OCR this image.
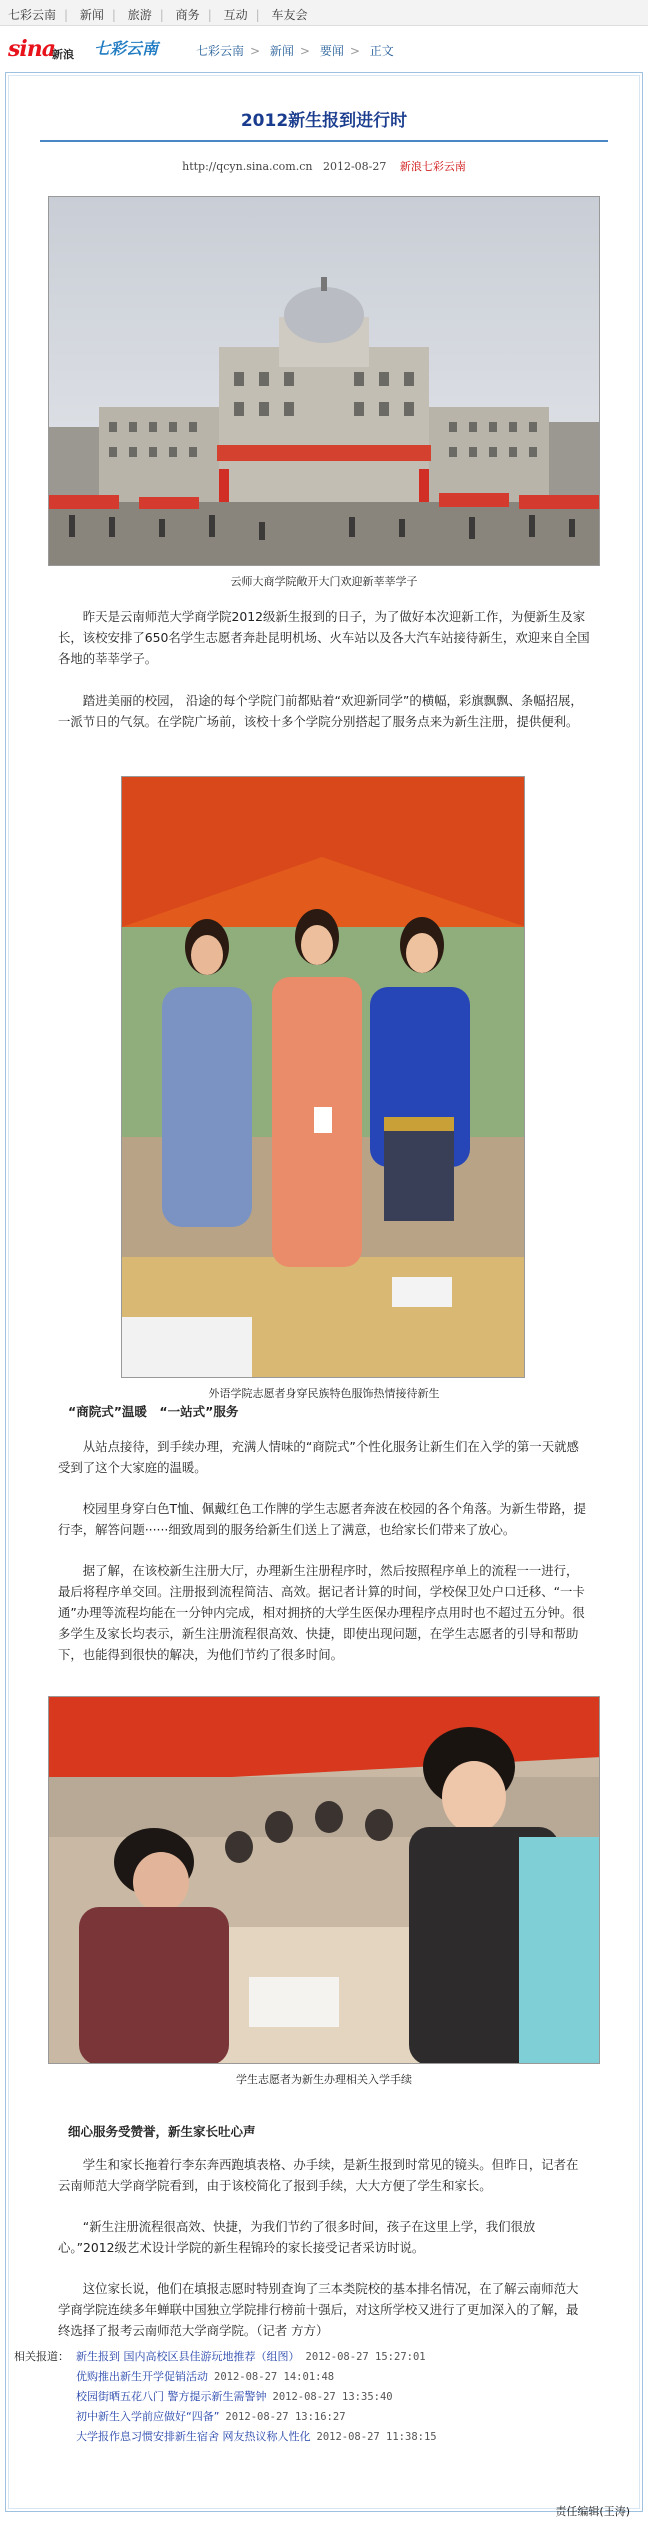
七彩云南 | 新闻 | 旅游 | 商务 | 互动 | 车友会
sina
新浪 七彩云南	七彩云南 > 新闻 > 要闻 > 正文
2012新生报到进行时
http://qcyn.sina.com.cn 2012-08-27 新浪七彩云南
云师大商学院敞开大门欢迎新莘莘学子
昨天是云南师范大学商学院2012级新生报到的日子，为了做好本次迎新工作，为便新生及家长，该校安排了650名学生志愿者奔赴昆明机场、火车站以及各大汽车站接待新生，欢迎来自全国各地的莘莘学子。
踏进美丽的校园， 沿途的每个学院门前都贴着“欢迎新同学”的横幅，彩旗飘飘、条幅招展，一派节日的气氛。在学院广场前，该校十多个学院分别搭起了服务点来为新生注册，提供便利。
外语学院志愿者身穿民族特色服饰热情接待新生
“商院式”温暖　“一站式”服务
从站点接待，到手续办理，充满人情味的“商院式”个性化服务让新生们在入学的第一天就感受到了这个大家庭的温暖。
校园里身穿白色T恤、佩戴红色工作牌的学生志愿者奔波在校园的各个角落。为新生带路，提行李，解答问题······细致周到的服务给新生们送上了满意，也给家长们带来了放心。
据了解，在该校新生注册大厅，办理新生注册程序时，然后按照程序单上的流程一一进行，最后将程序单交回。注册报到流程简洁、高效。据记者计算的时间，学校保卫处户口迁移、“一卡通”办理等流程均能在一分钟内完成，相对拥挤的大学生医保办理程序点用时也不超过五分钟。很多学生及家长均表示，新生注册流程很高效、快捷，即使出现问题，在学生志愿者的引导和帮助下，也能得到很快的解决，为他们节约了很多时间。
学生志愿者为新生办理相关入学手续
细心服务受赞誉，新生家长吐心声
学生和家长拖着行李东奔西跑填表格、办手续，是新生报到时常见的镜头。但昨日，记者在云南师范大学商学院看到，由于该校简化了报到手续，大大方便了学生和家长。
“新生注册流程很高效、快捷，为我们节约了很多时间，孩子在这里上学，我们很放心。”2012级艺术设计学院的新生程锦玲的家长接受记者采访时说。
这位家长说，他们在填报志愿时特别查询了三本类院校的基本排名情况，在了解云南师范大学商学院连续多年蝉联中国独立学院排行榜前十强后，对这所学校又进行了更加深入的了解，最终选择了报考云南师范大学商学院。（记者 方方）
相关报道： 新生报到 国内高校区县佳游玩地推荐（组图） 2012-08-27 15:27:01
优购推出新生开学促销活动 2012-08-27 14:01:48
校园街晒五花八门 警方提示新生需警钟 2012-08-27 13:35:40
初中新生入学前应做好“四备” 2012-08-27 13:16:27
大学报作息习惯安排新生宿舍 网友热议称人性化 2012-08-27 11:38:15
责任编辑(王涛)
